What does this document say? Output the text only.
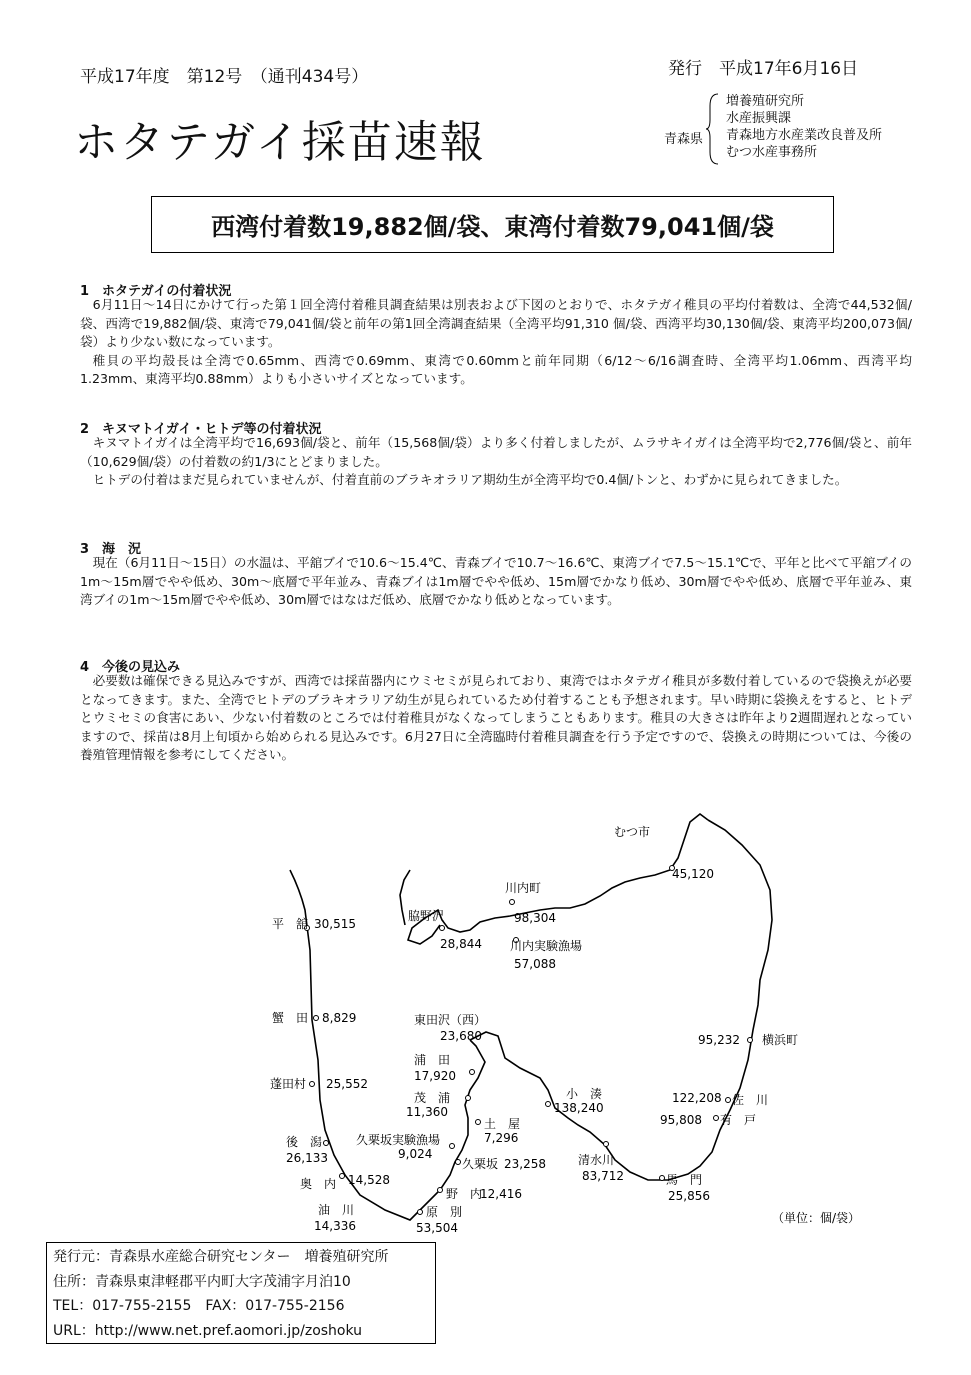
平成17年度　第12号　（通刊434号）	発行　平成17年6月16日
ホタテガイ採苗速報	青森県
増養殖研究所
水産振興課
青森地方水産業改良普及所
むつ水産事務所
西湾付着数19,882個/袋、東湾付着数79,041個/袋
1　ホタテガイの付着状況

6月11日～14日にかけて行った第１回全湾付着稚貝調査結果は別表および下図のとおりで、ホタテガイ稚貝の平均付着数は、全湾で44,532個/袋、西湾で19,882個/袋、東湾で79,041個/袋と前年の第1回全湾調査結果（全湾平均91,310 個/袋、西湾平均30,130個/袋、東湾平均200,073個/袋）より少ない数になっています。

稚貝の平均殻長は全湾で0.65mm、西湾で0.69mm、東湾で0.60mmと前年同期（6/12～6/16調査時、全湾平均1.06mm、西湾平均1.23mm、東湾平均0.88mm）よりも小さいサイズとなっています。

2　キヌマトイガイ・ヒトデ等の付着状況

キヌマトイガイは全湾平均で16,693個/袋と、前年（15,568個/袋）より多く付着しましたが、ムラサキイガイは全湾平均で2,776個/袋と、前年（10,629個/袋）の付着数の約1/3にとどまりました。

ヒトデの付着はまだ見られていませんが、付着直前のブラキオラリア期幼生が全湾平均で0.4個/トンと、わずかに見られてきました。

3　海　況

現在（6月11日～15日）の水温は、平舘ブイで10.6～15.4℃、青森ブイで10.7～16.6℃、東湾ブイで7.5～15.1℃で、平年と比べて平舘ブイの1m～15m層でやや低め、30m～底層で平年並み、青森ブイは1m層でやや低め、15m層でかなり低め、30m層でやや低め、底層で平年並み、東湾ブイの1m～15m層でやや低め、30m層ではなはだ低め、底層でかなり低めとなっています。

4　今後の見込み

必要数は確保できる見込みですが、西湾では採苗器内にウミセミが見られており、東湾ではホタテガイ稚貝が多数付着しているので袋換えが必要となってきます。また、全湾でヒトデのブラキオラリア幼生が見られているため付着することも予想されます。早い時期に袋換えをすると、ヒトデとウミセミの食害にあい、少ない付着数のところでは付着稚貝がなくなってしまうこともあります。稚貝の大きさは昨年より2週間遅れとなっていますので、採苗は8月上旬頃から始められる見込みです。6月27日に全湾臨時付着稚貝調査を行う予定ですので、袋換えの時期については、今後の養殖管理情報を参考にしてください。

むつ市
45,120
川内町
98,304
脇野沢
28,844 川内実験漁場
57,088
平　舘 30,515
蟹　田 8,829	東田沢（西）
23,680	横浜町
95,232
浦　田
17,920
茂　浦
11,360
蓬田村 25,552
小　湊
138,240
佐　川
122,208
有　戸
95,808
土　屋
7,296
久栗坂実験漁場
9,024
後　潟
26,133	久栗坂 23,258	清水川
83,712
奥　内 14,528	馬　門
25,856
野　内
12,416
油　川
14,336
原　別
53,504
（単位：個/袋）
発行元：青森県水産総合研究センター　増養殖研究所
住所：青森県東津軽郡平内町大字茂浦字月泊10
TEL：017-755-2155　FAX：017-755-2156
URL：http://www.net.pref.aomori.jp/zoshoku
